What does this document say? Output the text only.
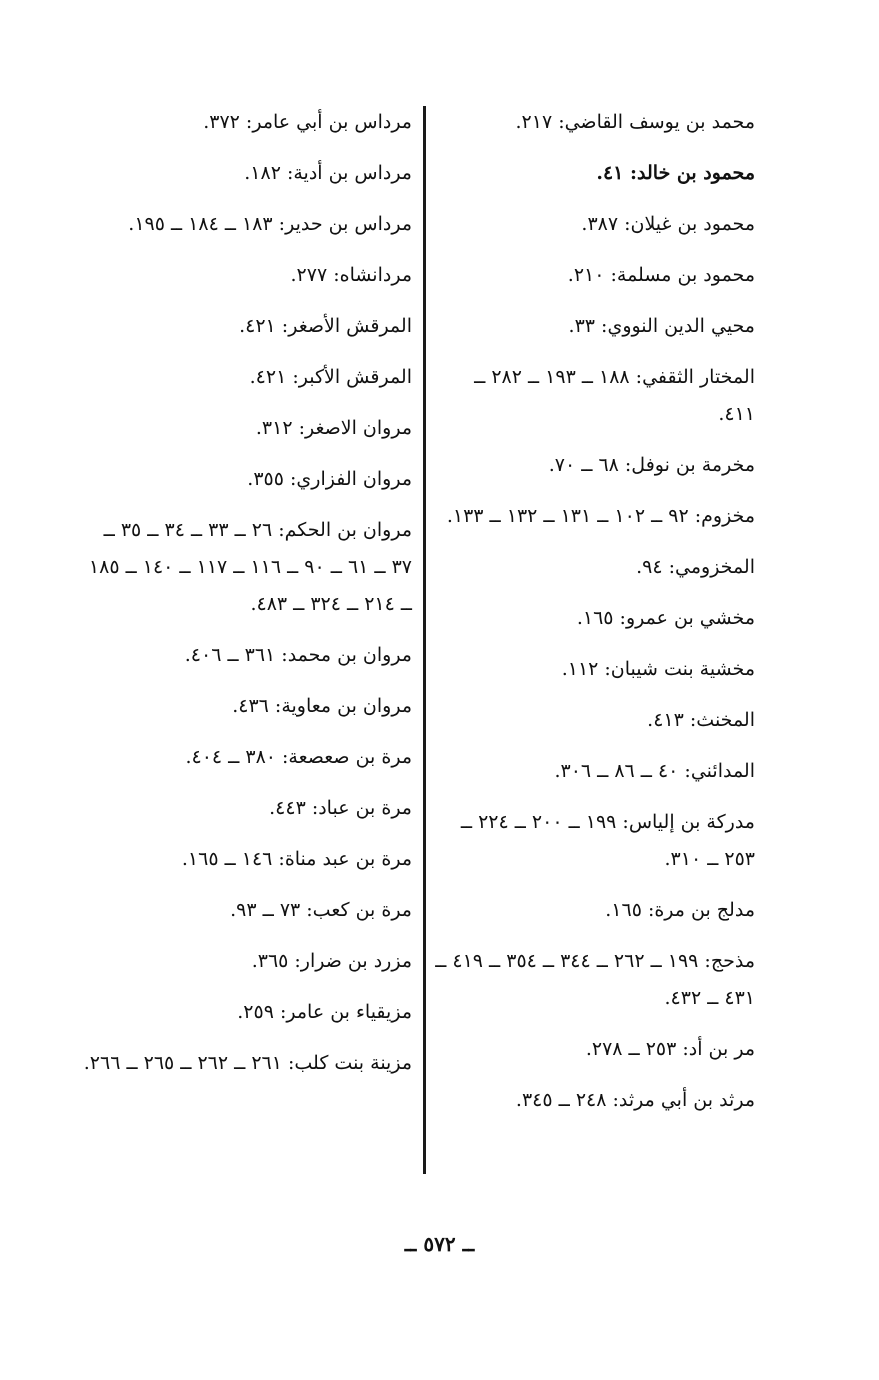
محمد بن يوسف القاضي: ٢١٧.

محمود بن خالد: ٤١.

محمود بن غيلان: ٣٨٧.

محمود بن مسلمة: ٢١٠.

محيي الدين النووي: ٣٣.

المختار الثقفي: ١٨٨ ــ ١٩٣ ــ ٢٨٢ ــ ٤١١.

مخرمة بن نوفل: ٦٨ ــ ٧٠.

مخزوم: ٩٢ ــ ١٠٢ ــ ١٣١ ــ ١٣٢ ــ ١٣٣.

المخزومي: ٩٤.

مخشي بن عمرو: ١٦٥.

مخشية بنت شيبان: ١١٢.

المخنث: ٤١٣.

المدائني: ٤٠ ــ ٨٦ ــ ٣٠٦.

مدركة بن إلياس: ١٩٩ ــ ٢٠٠ ــ ٢٢٤ ــ ٢٥٣ ــ ٣١٠.

مدلج بن مرة: ١٦٥.

مذحج: ١٩٩ ــ ٢٦٢ ــ ٣٤٤ ــ ٣٥٤ ــ ٤١٩ ــ ٤٣١ ــ ٤٣٢.

مر بن أد: ٢٥٣ ــ ٢٧٨.

مرثد بن أبي مرثد: ٢٤٨ ــ ٣٤٥.

مرداس بن أبي عامر: ٣٧٢.

مرداس بن أدية: ١٨٢.

مرداس بن حدير: ١٨٣ ــ ١٨٤ ــ ١٩٥.

مردانشاه: ٢٧٧.

المرقش الأصغر: ٤٢١.

المرقش الأكبر: ٤٢١.

مروان الاصغر: ٣١٢.

مروان الفزاري: ٣٥٥.

مروان بن الحكم: ٢٦ ــ ٣٣ ــ ٣٤ ــ ٣٥ ــ ٣٧ ــ ٦١ ــ ٩٠ ــ ١١٦ ــ ١١٧ ــ ١٤٠ ــ ١٨٥ ــ ٢١٤ ــ ٣٢٤ ــ ٤٨٣.

مروان بن محمد: ٣٦١ ــ ٤٠٦.

مروان بن معاوية: ٤٣٦.

مرة بن صعصعة: ٣٨٠ ــ ٤٠٤.

مرة بن عباد: ٤٤٣.

مرة بن عبد مناة: ١٤٦ ــ ١٦٥.

مرة بن كعب: ٧٣ ــ ٩٣.

مزرد بن ضرار: ٣٦٥.

مزيقياء بن عامر: ٢٥٩.

مزينة بنت كلب: ٢٦١ ــ ٢٦٢ ــ ٢٦٥ ــ ٢٦٦.

ــ ٥٧٢ ــ
